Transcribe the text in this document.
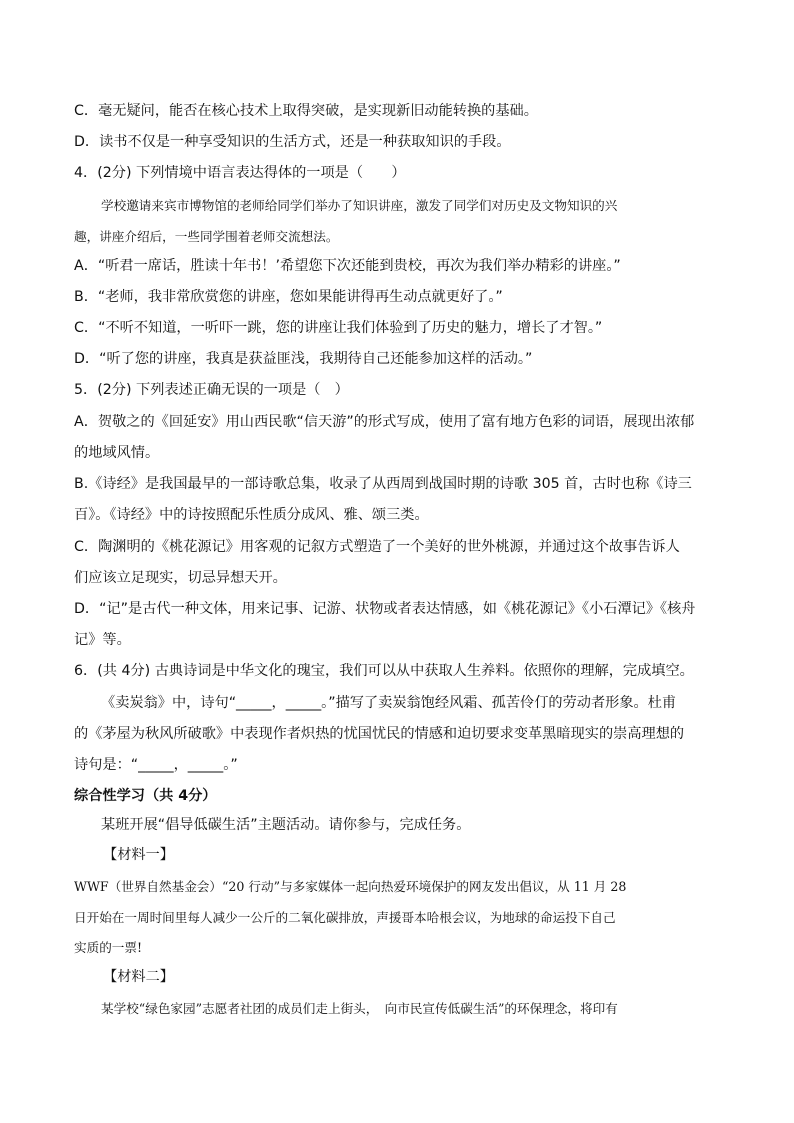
C．毫无疑问，能否在核心技术上取得突破，是实现新旧动能转换的基础。
D．读书不仅是一种享受知识的生活方式，还是一种获取知识的手段。
4．(2分) 下列情境中语言表达得体的一项是（　　）
学校邀请来宾市博物馆的老师给同学们举办了知识讲座，激发了同学们对历史及文物知识的兴
趣，讲座介绍后，一些同学围着老师交流想法。
A．“听君一席话，胜读十年书！’希望您下次还能到贵校，再次为我们举办精彩的讲座。”
B．“老师，我非常欣赏您的讲座，您如果能讲得再生动点就更好了。”
C．“不听不知道，一听吓一跳，您的讲座让我们体验到了历史的魅力，增长了才智。”
D．“听了您的讲座，我真是获益匪浅，我期待自己还能参加这样的活动。”
5．(2分) 下列表述正确无误的一项是（　）
A．贺敬之的《回延安》用山西民歌“信天游”的形式写成，使用了富有地方色彩的词语，展现出浓郁
的地域风情。
B.《诗经》是我国最早的一部诗歌总集，收录了从西周到战国时期的诗歌 305 首，古时也称《诗三
百》。《诗经》中的诗按照配乐性质分成风、雅、颂三类。
C．陶渊明的《桃花源记》用客观的记叙方式塑造了一个美好的世外桃源，并通过这个故事告诉人
们应该立足现实，切忌异想天开。
D．“记”是古代一种文体，用来记事、记游、状物或者表达情感，如《桃花源记》《小石潭记》《核舟
记》等。
6．(共 4分) 古典诗词是中华文化的瑰宝，我们可以从中获取人生养料。依照你的理解，完成填空。
《卖炭翁》中，诗句“_____，_____。”描写了卖炭翁饱经风霜、孤苦伶仃的劳动者形象。杜甫
的《茅屋为秋风所破歌》中表现作者炽热的忧国忧民的情感和迫切要求变革黑暗现实的崇高理想的
诗句是：“_____，_____。”
综合性学习（共 4分）
某班开展“倡导低碳生活”主题活动。请你参与，完成任务。
【材料一】
WWF（世界自然基金会）“20 行动”与多家媒体一起向热爱环境保护的网友发出倡议，从 11 月 28
日开始在一周时间里每人减少一公斤的二氧化碳排放，声援哥本哈根会议，为地球的命运投下自己
实质的一票!
【材料二】
某学校“绿色家园”志愿者社团的成员们走上街头，　向市民宣传低碳生活”的环保理念，将印有
